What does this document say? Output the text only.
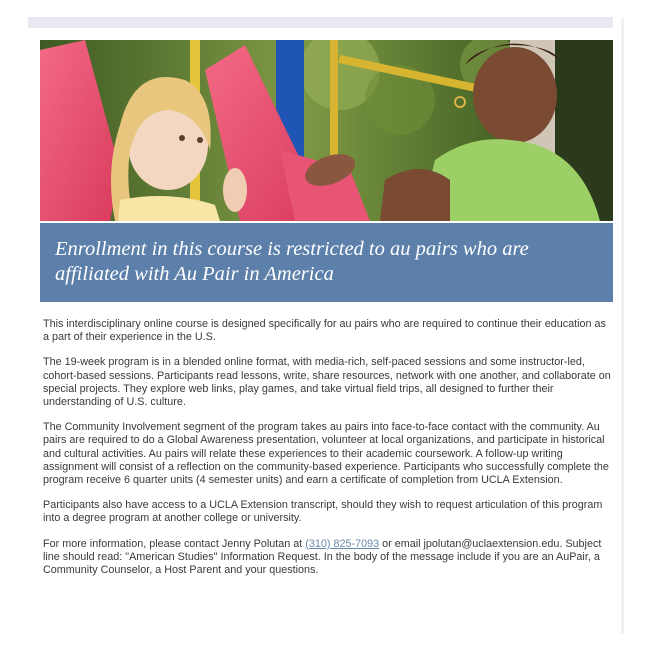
Enrollment in this course is restricted to au pairs who are affiliated with Au Pair in America

This interdisciplinary online course is designed specifically for au pairs who are required to continue their education as a part of their experience in the U.S.

The 19-week program is in a blended online format, with media-rich, self-paced sessions and some instructor-led, cohort-based sessions. Participants read lessons, write, share resources, network with one another, and collaborate on special projects. They explore web links, play games, and take virtual field trips, all designed to further their understanding of U.S. culture.

The Community Involvement segment of the program takes au pairs into face-to-face contact with the community. Au pairs are required to do a Global Awareness presentation, volunteer at local organizations, and participate in historical and cultural activities. Au pairs will relate these experiences to their academic coursework. A follow-up writing assignment will consist of a reflection on the community-based experience. Participants who successfully complete the program receive 6 quarter units (4 semester units) and earn a certificate of completion from UCLA Extension.

Participants also have access to a UCLA Extension transcript, should they wish to request articulation of this program into a degree program at another college or university.

For more information, please contact Jenny Polutan at (310) 825-7093 or email jpolutan@uclaextension.edu. Subject line should read: "American Studies" Information Request. In the body of the message include if you are an AuPair, a Community Counselor, a Host Parent and your questions.
